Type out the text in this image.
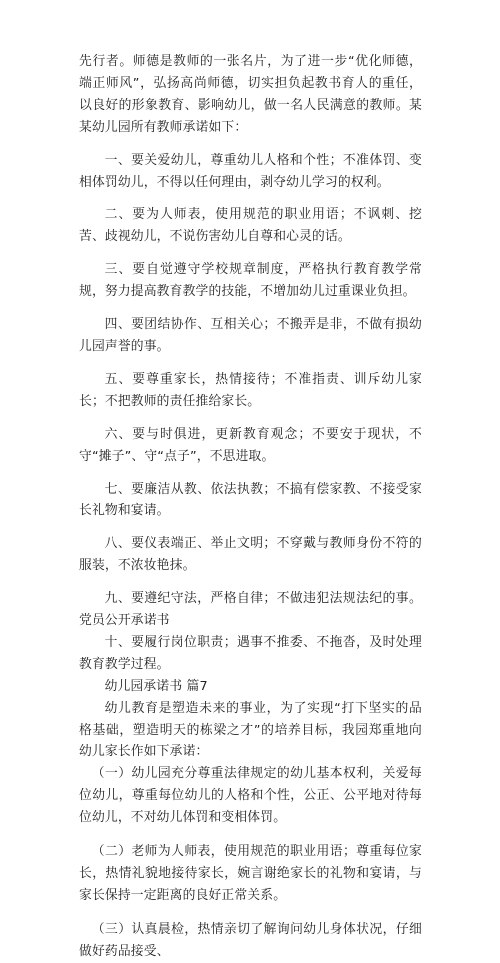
先行者。师德是教师的一张名片，为了进一步“优化师德，端正师风”，弘扬高尚师德，切实担负起教书育人的重任，以良好的形象教育、影响幼儿，做一名人民满意的教师。某某幼儿园所有教师承诺如下：

一、要关爱幼儿，尊重幼儿人格和个性；不准体罚、变相体罚幼儿，不得以任何理由，剥夺幼儿学习的权利。

二、要为人师表，使用规范的职业用语；不讽刺、挖苦、歧视幼儿，不说伤害幼儿自尊和心灵的话。

三、要自觉遵守学校规章制度，严格执行教育教学常规，努力提高教育教学的技能，不增加幼儿过重课业负担。

四、要团结协作、互相关心；不搬弄是非，不做有损幼儿园声誉的事。

五、要尊重家长，热情接待；不准指责、训斥幼儿家长；不把教师的责任推给家长。

六、要与时俱进，更新教育观念；不要安于现状，不守“摊子”、守“点子”，不思进取。

七、要廉洁从教、依法执教；不搞有偿家教、不接受家长礼物和宴请。

八、要仪表端正、举止文明；不穿戴与教师身份不符的服装，不浓妆艳抹。

九、要遵纪守法，严格自律；不做违犯法规法纪的事。党员公开承诺书

十、要履行岗位职责；遇事不推委、不拖沓，及时处理教育教学过程。

幼儿园承诺书 篇7

幼儿教育是塑造未来的事业，为了实现“打下坚实的品格基础，塑造明天的栋梁之才”的培养目标，我园郑重地向幼儿家长作如下承诺：

（一）幼儿园充分尊重法律规定的幼儿基本权利，关爱每位幼儿，尊重每位幼儿的人格和个性，公正、公平地对待每位幼儿，不对幼儿体罚和变相体罚。

（二）老师为人师表，使用规范的职业用语；尊重每位家长，热情礼貌地接待家长，婉言谢绝家长的礼物和宴请，与家长保持一定距离的良好正常关系。

（三）认真晨检，热情亲切了解询问幼儿身体状况，仔细做好药品接受、
